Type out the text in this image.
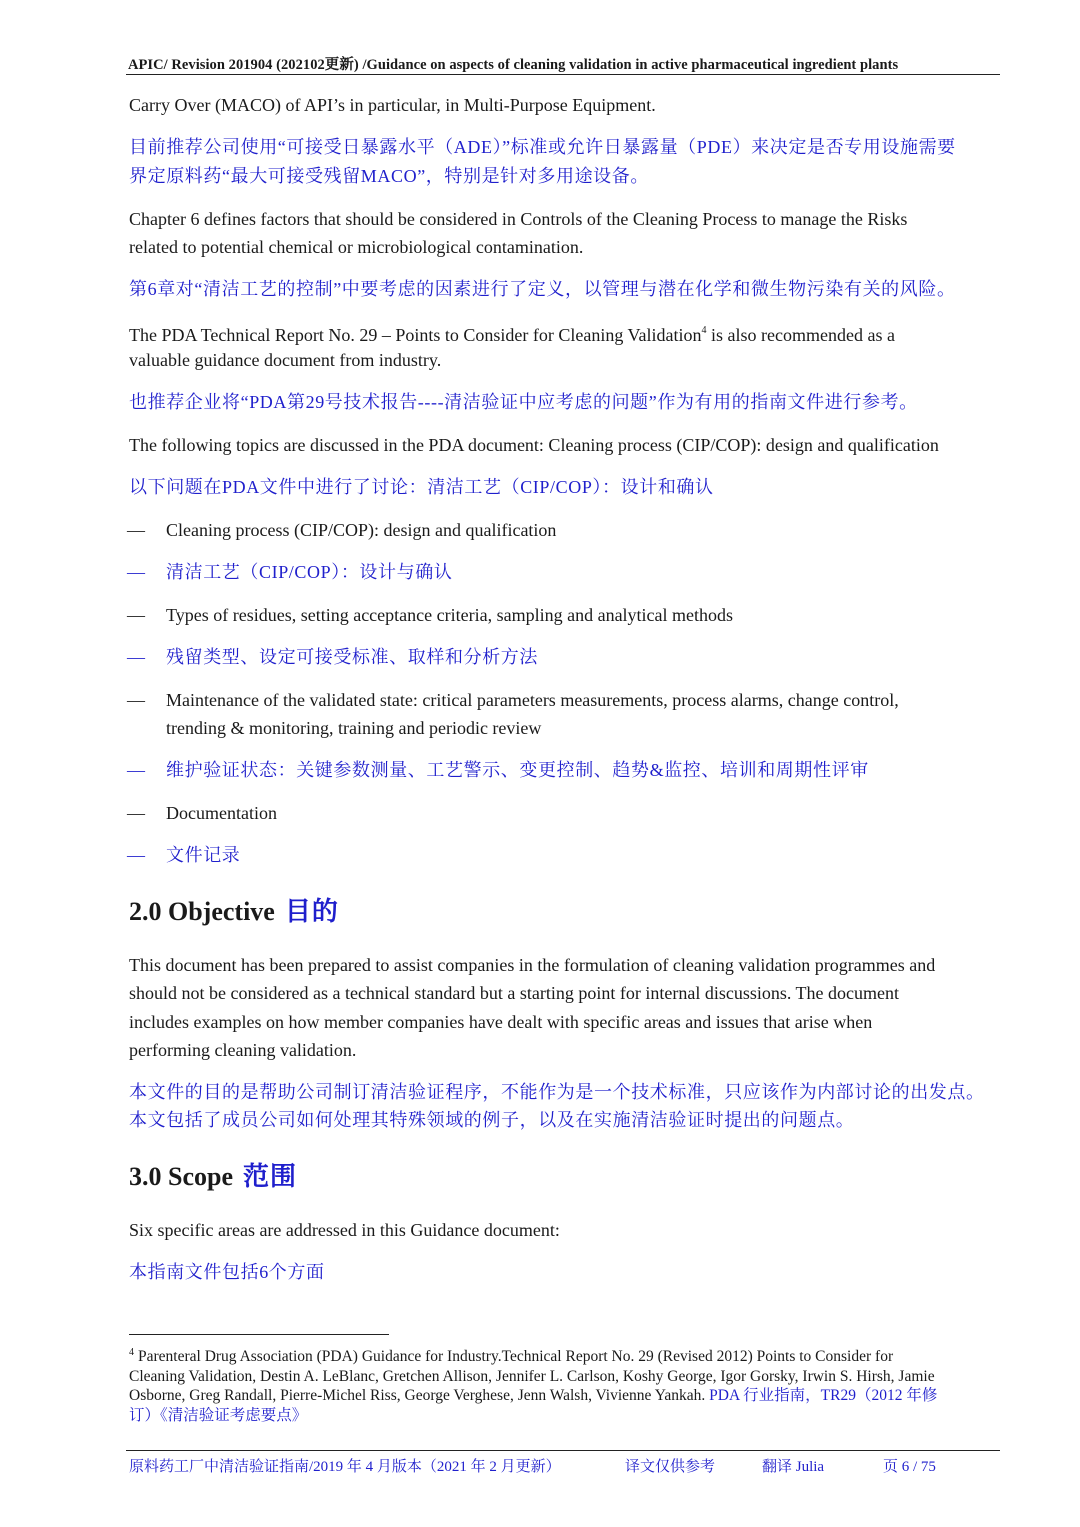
APIC/ Revision 201904 (202102更新) /Guidance on aspects of cleaning validation in active pharmaceutical ingredient plants

Carry Over (MACO) of API’s in particular, in Multi-Purpose Equipment.

目前推荐公司使用“可接受日暴露水平（ADE）”标准或允许日暴露量（PDE）来决定是否专用设施需要

界定原料药“最大可接受残留MACO”，特别是针对多用途设备。

Chapter 6 defines factors that should be considered in Controls of the Cleaning Process to manage the Risks

related to potential chemical or microbiological contamination.

第6章对“清洁工艺的控制”中要考虑的因素进行了定义，以管理与潜在化学和微生物污染有关的风险。

The PDA Technical Report No. 29 – Points to Consider for Cleaning Validation$^4$ is also recommended as a

valuable guidance document from industry.

也推荐企业将“PDA第29号技术报告----清洁验证中应考虑的问题”作为有用的指南文件进行参考。

The following topics are discussed in the PDA document: Cleaning process (CIP/COP): design and qualification

以下问题在PDA文件中进行了讨论：清洁工艺（CIP/COP）：设计和确认

— Cleaning process (CIP/COP): design and qualification
— 清洁工艺（CIP/COP）：设计与确认
— Types of residues, setting acceptance criteria, sampling and analytical methods
— 残留类型、设定可接受标准、取样和分析方法
— Maintenance of the validated state: critical parameters measurements, process alarms, change control,
trending & monitoring, training and periodic review
— 维护验证状态：关键参数测量、工艺警示、变更控制、趋势&监控、培训和周期性评审
— Documentation
— 文件记录
2.0 Objective 目的

This document has been prepared to assist companies in the formulation of cleaning validation programmes and

should not be considered as a technical standard but a starting point for internal discussions. The document

includes examples on how member companies have dealt with specific areas and issues that arise when

performing cleaning validation.

本文件的目的是帮助公司制订清洁验证程序，不能作为是一个技术标准，只应该作为内部讨论的出发点。

本文包括了成员公司如何处理其特殊领域的例子，以及在实施清洁验证时提出的问题点。

3.0 Scope 范围

Six specific areas are addressed in this Guidance document:

本指南文件包括6个方面

$^4$ Parenteral Drug Association (PDA) Guidance for Industry.Technical Report No. 29 (Revised 2012) Points to Consider for
Cleaning Validation, Destin A. LeBlanc, Gretchen Allison, Jennifer L. Carlson, Koshy George, Igor Gorsky, Irwin S. Hirsh, Jamie
Osborne, Greg Randall, Pierre-Michel Riss, George Verghese, Jenn Walsh, Vivienne Yankah. PDA 行业指南，TR29（2012 年修
订）《清洁验证考虑要点》
原料药工厂中清洁验证指南/2019 年 4 月版本（2021 年 2 月更新）	译文仅供参考	翻译 Julia	页 6 / 75
